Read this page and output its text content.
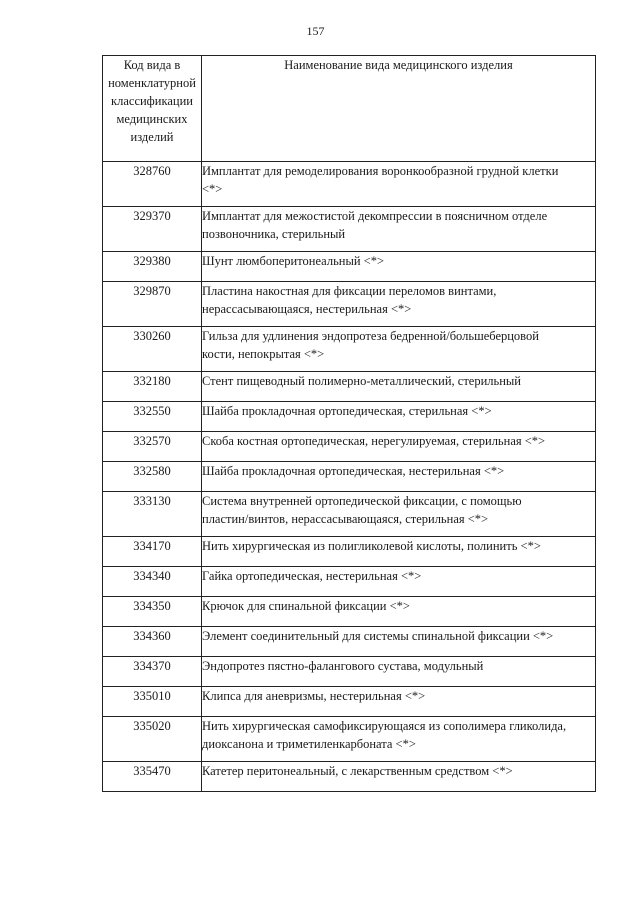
157
Код вида в
номенклатурной
классификации
медицинских
изделий	Наименование вида медицинского изделия
328760	Имплантат для ремоделирования воронкообразной грудной клетки
<*>
329370	Имплантат для межостистой декомпрессии в поясничном отделе
позвоночника, стерильный
329380	Шунт люмбоперитонеальный <*>
329870	Пластина накостная для фиксации переломов винтами,
нерассасывающаяся, нестерильная <*>
330260	Гильза для удлинения эндопротеза бедренной/большеберцовой
кости, непокрытая <*>
332180	Стент пищеводный полимерно-металлический, стерильный
332550	Шайба прокладочная ортопедическая, стерильная <*>
332570	Скоба костная ортопедическая, нерегулируемая, стерильная <*>
332580	Шайба прокладочная ортопедическая, нестерильная <*>
333130	Система внутренней ортопедической фиксации, с помощью
пластин/винтов, нерассасывающаяся, стерильная <*>
334170	Нить хирургическая из полигликолевой кислоты, полинить <*>
334340	Гайка ортопедическая, нестерильная <*>
334350	Крючок для спинальной фиксации <*>
334360	Элемент соединительный для системы спинальной фиксации <*>
334370	Эндопротез пястно-фалангового сустава, модульный
335010	Клипса для аневризмы, нестерильная <*>
335020	Нить хирургическая самофиксирующаяся из сополимера гликолида,
диоксанона и триметиленкарбоната <*>
335470	Катетер перитонеальный, с лекарственным средством <*>
